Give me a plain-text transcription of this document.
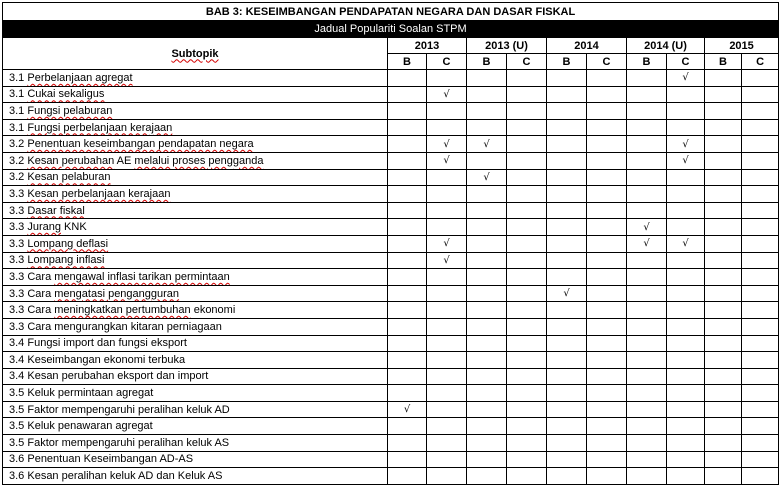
BAB 3: KESEIMBANGAN PENDAPATAN NEGARA DAN DASAR FISKAL										
Jadual Populariti Soalan STPM										
Subtopik	2013		2013 (U)		2014		2014 (U)		2015	
	B	C	B	C	B	C	B	C	B	C
3.1 Perbelanjaan agregat								√		
3.1 Cukai sekaligus		√								
3.1 Fungsi pelaburan										
3.1 Fungsi perbelanjaan kerajaan										
3.2 Penentuan keseimbangan pendapatan negara		√	√					√		
3.2 Kesan perubahan AE melalui proses pengganda		√						√		
3.2 Kesan pelaburan			√							
3.3 Kesan perbelanjaan kerajaan										
3.3 Dasar fiskal										
3.3 Jurang KNK							√			
3.3 Lompang deflasi		√					√	√		
3.3 Lompang inflasi		√								
3.3 Cara mengawal inflasi tarikan permintaan										
3.3 Cara mengatasi pengangguran					√					
3.3 Cara meningkatkan pertumbuhan ekonomi										
3.3 Cara mengurangkan kitaran perniagaan										
3.4 Fungsi import dan fungsi eksport										
3.4 Keseimbangan ekonomi terbuka										
3.4 Kesan perubahan eksport dan import										
3.5 Keluk permintaan agregat										
3.5 Faktor mempengaruhi peralihan keluk AD	√									
3.5 Keluk penawaran agregat										
3.5 Faktor mempengaruhi peralihan keluk AS										
3.6 Penentuan Keseimbangan AD-AS										
3.6 Kesan peralihan keluk AD dan Keluk AS										
